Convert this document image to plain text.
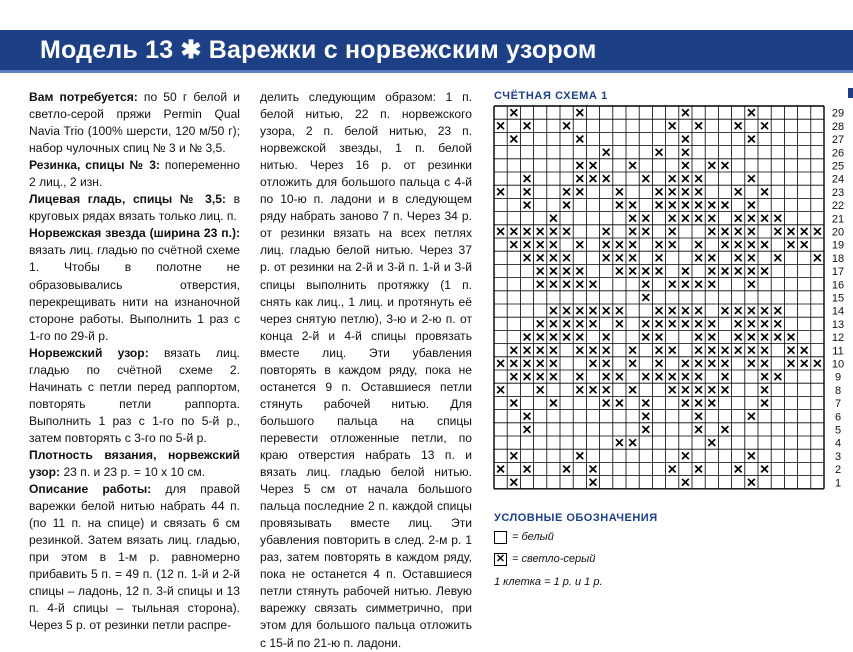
Модель 13 ✱ Варежки с норвежским узором

Вам потребуется: по 50 г белой и светло-серой пряжи Permin Qual Navia Trio (100% шерсти, 120 м/50 г); набор чулочных спиц № 3 и № 3,5.

Резинка, спицы № 3: попеременно 2 лиц., 2 изн.

Лицевая гладь, спицы № 3,5: в круговых рядах вязать только лиц. п.

Норвежская звезда (ширина 23 п.): вязать лиц. гладью по счётной схеме 1. Чтобы в полотне не образовывались отверстия, перекрещивать нити на изнаночной стороне работы. Выполнить 1 раз с 1-го по 29-й р.

Норвежский узор: вязать лиц. гладью по счётной схеме 2. Начинать с петли перед раппортом, повторять петли раппорта. Выполнить 1 раз с 1-го по 5-й р., затем повторять с 3-го по 5-й р.

Плотность вязания, норвежский узор: 23 п. и 23 р. = 10 х 10 см.

Описание работы: для правой варежки белой нитью набрать 44 п. (по 11 п. на спице) и связать 6 см резинкой. Затем вязать лиц. гладью, при этом в 1-м р. равномерно прибавить 5 п. = 49 п. (12 п. 1-й и 2-й спицы – ладонь, 12 п. 3-й спицы и 13 п. 4-й спицы – тыльная сторона). Через 5 р. от резинки петли распре-

делить следующим образом: 1 п. белой нитью, 22 п. норвежского узора, 2 п. белой нитью, 23 п. норвежской звезды, 1 п. белой нитью. Через 16 р. от резинки отложить для большого пальца с 4-й по 10-ю п. ладони и в следующем ряду набрать заново 7 п. Через 34 р. от резинки вязать на всех петлях лиц. гладью белой нитью. Через 37 р. от резинки на 2-й и 3-й п. 1-й и 3-й спицы выполнить протяжку (1 п. снять как лиц., 1 лиц. и протянуть её через снятую петлю), 3-ю и 2-ю п. от конца 2-й и 4-й спицы провязать вместе лиц. Эти убавления повторять в каждом ряду, пока не останется 9 п. Оставшиеся петли стянуть рабочей нитью. Для большого пальца на спицы перевести отложенные петли, по краю отверстия набрать 13 п. и вязать лиц. гладью белой нитью. Через 5 см от начала большого пальца последние 2 п. каждой спицы провязывать вместе лиц. Эти убавления повторить в след. 2-м р. 1 раз, затем повторять в каждом ряду, пока не останется 4 п. Оставшиеся петли стянуть рабочей нитью. Левую варежку связать симметрично, при этом для большого пальца отложить с 15-й по 21-ю п. ладони.

СЧЁТНАЯ СХЕМА 1
29
28
27
26
25
24
23
22
21
20
19
18
17
16
15
14
13
12
11
10
9
8
7
6
5
4
3
2
1
УСЛОВНЫЕ ОБОЗНАЧЕНИЯ
= белый
✕ = светло-серый
1 клетка = 1 р. и 1 р.
